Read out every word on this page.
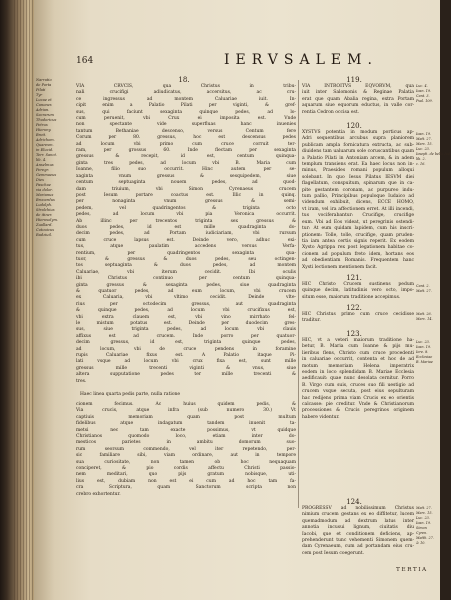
164	IERVSALEM.
Narratio
de Porta
Pilati
Tyr
Lucae et
Canones
Adrian.
Sacrarum
Thodoricus
Petrus
Hierony.
Breit.
Adrichom.
Quaresm.
in Elucid.
Terr. Sanct.
lib. 4.
Anselmus
Peregr.
Gemmaeus
Dies
Paschae
via dolor.
Marianus
Brocardus
Ludolph.
Stralchius
de itiner.
Hierosolym.
Zuallard.
Cotouicus
Radziuil.
18.
VIA CRVCIS, qua Christus in tribu-
nali crucifigi adiudicatus, accersitus, ac cru-
ce ingressus ad montem Caluariae iuit. In-
cipit enim a Palatio Pilati per viginti, & gref-
sus, qui faciunt sexaginta quinque pedes, ad lo-
cum peruenit, vbi Crux ei imposita est. Vnde
non spectante vide superfluas hanc inuenies
tantum Bethaniae descenso, versus Centum fere
Corum per 80. gressus, hoc est descensus pedes
ad locum vbi primo cum cruce corruit ter-
ram, per grossus 60. Inde flectam per sexaginta
gressus & recepit, id est, centum quinqua-
ginta tres pedes, ad locum vbi B. Maria cum
Ioanne, filio suo occurrit. Hinc autem per se-
xaginta vnum gressus & sesquipedem, siue
centum septuaginta nouem pedes, ad quod-
dam triuium, vbi Simon Cyrenaeus crucem
post Iesum portare coactus est. Illic in quinq.
per nonaginta vnum gressus & semi-
pedem, vel quadringentos & triginta octo
pedes, ad locum vbi pia Veronica occurrit.
Ab illinc per trecentos triginta sex gressus &
duos pedes, id est mille quadraginta do-
decim pedes, ad Portam iudiciariam, vbi rursum
cum cruce lapsus est. Deinde vero, adhuc exi-
tus, atque paulatim accedens versus Verfa-
rentium, per quadringentos sexaginta qua-
tuor, & gressus & duos pedes, seu octingen-
tos septuaginta & duos pedes, ad montem
Caluariae, vbi iterum cecidit. Ibi oculis
ibi Christus continuo per centum quinqua-
ginta gressus & sexaginta pedes, siue quadraginta
& quatuor pedes, ad eum locum, vbi crucem
ex Caluaria, vbi vltimo cecidit. Deinde vlte-
rius per octodecim gressus, aut quadraginta
& quinque pedes, ad locum vbi crucifixus est,
vbi extra clauem est, vbi vino mirrhato fel-
le mistum potatus est. Deinde per duodecim gres-
sus, siue triginta pedes, ad locum vbi clauis
affixus est ad crucem. Inde porro per quatuor-
decim gressus, id est, triginta quinque pedes,
ad locum, vbi de cruce pendens in foramine
rupis Caluariae fixus est. A Palatio itaque Pi-
lati vsque ad locum vbi crux fixa est, sunt mille
gressus mille trecenti viginti & vnus, siue
altera supputatione pedes ter mille trecenti &
tres.
Haec linea quarta pedis parte, nulla ratione
cionem fecimus. Ac huius quidem pedis, &
Via crucis, atque infra (sub numero 30.) Vt
captiuis memoriam quam post multum
fidelibus atque indagatum tandem inuenit ta-
metsi nec tam exacte possimus, vt quidque
Christianos quomodo loco, etiam inter do-
mesticos parietes in ambitu domorum suo-
rum seorsum commendo, vel iter repetendo, per-
sic familiare sibi, viam ordinare, aut in tempore
sua curiositate, non tamen ob hoc nequaquam
conciperet, & pio cordis affectu Christi passio-
nem meditari, quo pijs gratum nobisque, uti-
lius est, dubiam non est ei cum ad hoc tam fa-
cra Scriptura, quam Sanctorum scripta non
crebro exhortentur.
119.
VIA INTROITVS EQVORVM, qua
iuit inter Salomonis & Reginae Palatia
erat que quam Abalia regina, extra Portam
aquarum siue equorum eductus, in valle cor-
rentia Cedron occisa est.
120.
XYSTVS potentia in modum porticus ap-
Adri sequentibus arcubus supra planiorem
publicam ampla fornicatura extructa, ac sub-
diuidens tam ualuarum sole coruscantibus quam
a Palatio Pilati in Antoniam arcem, & in adem
templum transiens erat. Ea haec locus non in-
minus, Praesides romani populum alloqui
solebant. In quo Iesus Pilatus IESVM diei
flagellatum, conspuitum, spinarum que in ca-
pite gestantem coronam, ac purpureo indu-
tum pallio, Principibus populoque Iudaico ad
videndum exhibuit, dicens, ECCE HOMO,
vt iram, vel ira affectionem erret. At illi incendi,
tus vociferabantur: Crucifige, crucifige
eum. Vbi ad Eos videat, ut peregrinis ostendi-
tur: At eum quidam lapidem, cum his inscri-
ptionem: Tolle, tolle, crucifige, quam pruden-
tia iam antea certis signis reperit. Ex eodem
Xysto Agrippa rex post legationem habitae co-
cionem ad populum freto idem, hortans eos
ad obedientiam Romanis. Frequentem hanc
Xysti lectionem mentionem facit.
121.
HIC Christo Crucem sustinens pedum
quinque decim, latitudinis vero octo, impo-
situm esse, maiorum traditione accepimus.
122.
HIC Christus primo cum cruce cecidisse
traditur.
123.
HIC, vt a veteri maiorum traditione ha-
betur, B. Maria cum Ioanne & pijs mu-
lieribus flens, Christo cum cruce procedenti
in caluariae occurrit, contenta et hoc de ad
motum memoriam Helena imperatrix
eodem in loco splendidam B. Mariae Ecclesia
aedificauit: quae nunc desolata cernitur. Porro
B. Virgo cum suis, cruces suo fili uestigio ad
crucem vsque secuta, post eius sepulturam
hac redijens prima viam Crucis ex eo orientis
calcasse: pie creditur. Vnde & Christianorum
processiones & Crucis peregrinos originem
habere videntur.
124.
PROGRESSV ad nobilissimum Christus
nimium crucem gestans ex eo diffitetur, lucem
quemadmodum ad dextrum latus inter
annotia incusui lignum, ciuitatis diu
Iacobi, que et conditionem deficiens, ap-
prehenderunt tunc vehementi Simonem quem-
dam Cyrenaeum, cum ad portandam eius cru-
cem post Iesum coegerunt.
Luc. 4.
Ioan. 19.
Cant. 3.
Psal. 109.
Ioan. 19.
Matt. 27.
Marc. 15.
Luc. 23.
Ioseph. de bello Iud.
lib. 2.
c. 16.
Cant. 2.
Matt. 27.
Matt. 26.
Marc. 14.
Luc. 23.
Ioan. 19.
Iere. 8.
Ecclesiae
B. Mariae
Matt. 27.
Marc. 15.
Luc. 23.
Ioan. 19.
Simon
Cyren.
Matth. 27.
& 10.
TERTIA
